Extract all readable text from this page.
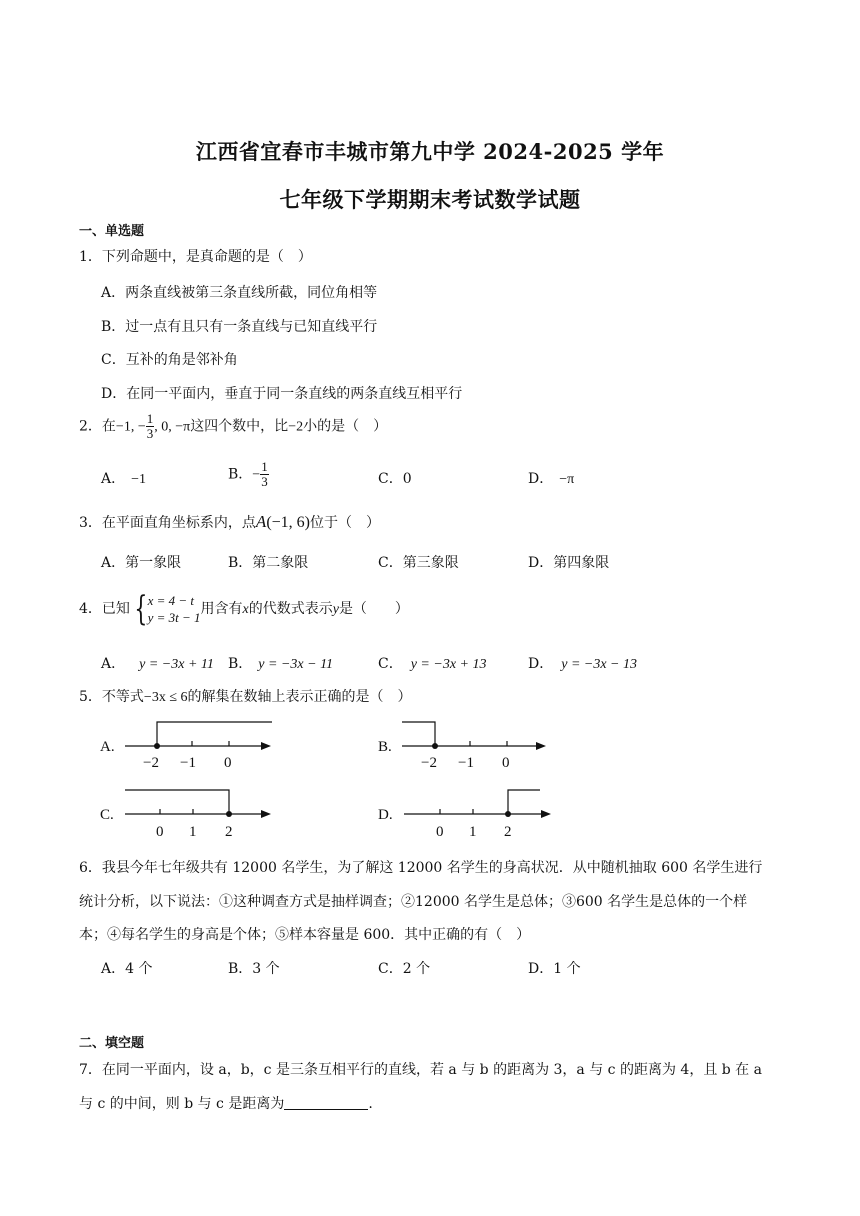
江西省宜春市丰城市第九中学 2024-2025 学年
七年级下学期期末考试数学试题
一、单选题
1．下列命题中，是真命题的是（　）
A．两条直线被第三条直线所截，同位角相等
B．过一点有且只有一条直线与已知直线平行
C．互补的角是邻补角
D．在同一平面内，垂直于同一条直线的两条直线互相平行
2．在−1, − $\frac{1}{3}$ , 0, −π这四个数中，比−2小的是（　）
A． −1	B．− $\frac{1}{3}$	C．0	D． −π
3．在平面直角坐标系内，点A(−1, 6)位于（　）
A．第一象限	B．第二象限	C．第三象限	D．第四象限
4．已知 { x = 4 − t
y = 3t − 1
用含有x的代数式表示y是（　　）
A． y = −3x + 11 B． y = −3x − 11	C． y = −3x + 13	D． y = −3x − 13
5．不等式−3x ≤ 6的解集在数轴上表示正确的是（　）
A.
−2 −1 0
B.
−2 −1 0
C.
0 1 2
D.
0 1 2
6．我县今年七年级共有 12000 名学生，为了解这 12000 名学生的身高状况．从中随机抽取 600 名学生进行
统计分析，以下说法：①这种调查方式是抽样调查；②12000 名学生是总体；③600 名学生是总体的一个样
本；④每名学生的身高是个体；⑤样本容量是 600．其中正确的有（　）
A．4 个	B．3 个	C．2 个	D．1 个
二、填空题
7．在同一平面内，设 a，b，c 是三条互相平行的直线，若 a 与 b 的距离为 3，a 与 c 的距离为 4，且 b 在 a
与 c 的中间，则 b 与 c 是距离为	.
